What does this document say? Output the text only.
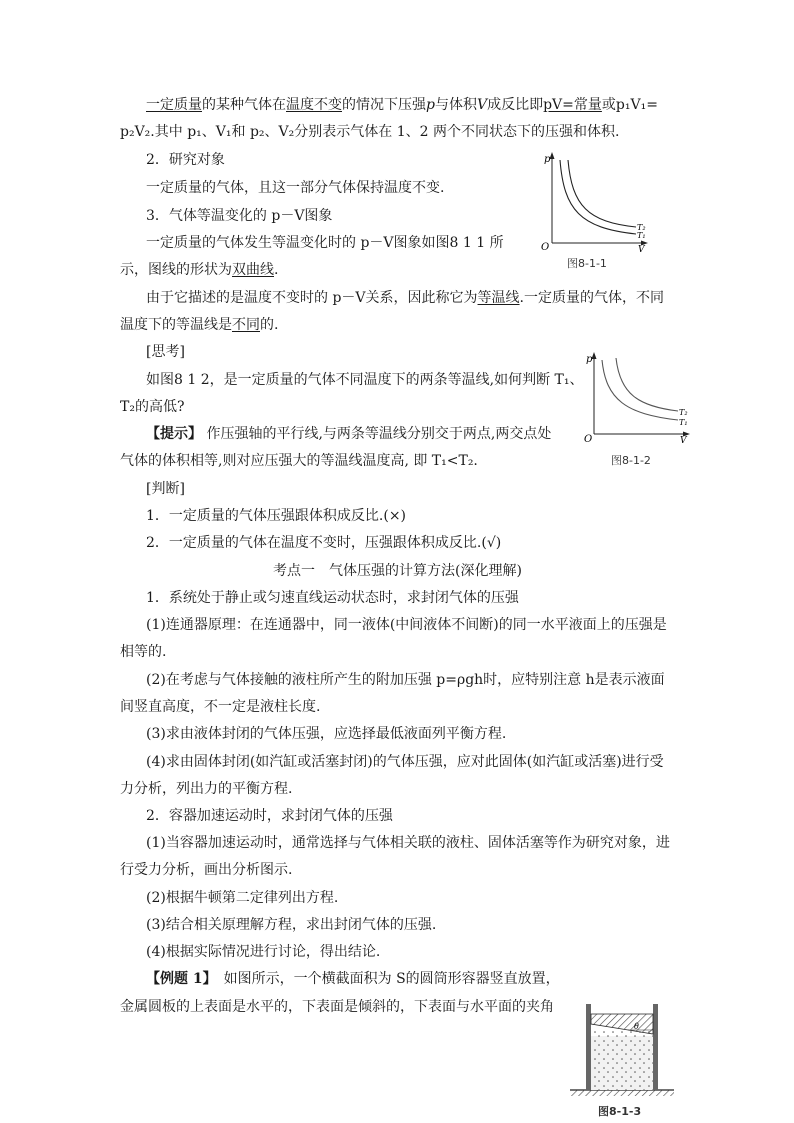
一定质量的某种气体在温度不变的情况下压强p与体积V成反比即pV=常量或p₁V₁=
p₂V₂.其中 p₁、V₁和 p₂、V₂分别表示气体在 1、2 两个不同状态下的压强和体积.
2．研究对象
一定质量的气体，且这一部分气体保持温度不变.
3．气体等温变化的 p－V图象
一定质量的气体发生等温变化时的 p－V图象如图8 1 1 所
示，图线的形状为双曲线.
由于它描述的是温度不变时的 p－V关系，因此称它为等温线.一定质量的气体，不同
温度下的等温线是不同的.
[思考]
如图8 1 2，是一定质量的气体不同温度下的两条等温线,如何判断 T₁、
T₂的高低?
【提示】 作压强轴的平行线,与两条等温线分别交于两点,两交点处
气体的体积相等,则对应压强大的等温线温度高, 即 T₁<T₂.
[判断]
1．一定质量的气体压强跟体积成反比.(×)
2．一定质量的气体在温度不变时，压强跟体积成反比.(√)
考点一　气体压强的计算方法(深化理解)
1．系统处于静止或匀速直线运动状态时，求封闭气体的压强
(1)连通器原理：在连通器中，同一液体(中间液体不间断)的同一水平液面上的压强是
相等的.
(2)在考虑与气体接触的液柱所产生的附加压强 p=ρgh时，应特别注意 h是表示液面
间竖直高度，不一定是液柱长度.
(3)求由液体封闭的气体压强，应选择最低液面列平衡方程.
(4)求由固体封闭(如汽缸或活塞封闭)的气体压强，应对此固体(如汽缸或活塞)进行受
力分析，列出力的平衡方程.
2．容器加速运动时，求封闭气体的压强
(1)当容器加速运动时，通常选择与气体相关联的液柱、固体活塞等作为研究对象，进
行受力分析，画出分析图示.
(2)根据牛顿第二定律列出方程.
(3)结合相关原理解方程，求出封闭气体的压强.
(4)根据实际情况进行讨论，得出结论.
【例题 1】　如图所示，一个横截面积为 S的圆筒形容器竖直放置，
金属圆板的上表面是水平的，下表面是倾斜的，下表面与水平面的夹角
p
O	V
T₂
T₁
图8-1-1
p
O	V
T₂
T₁
图8-1-2
θ
图8-1-3
